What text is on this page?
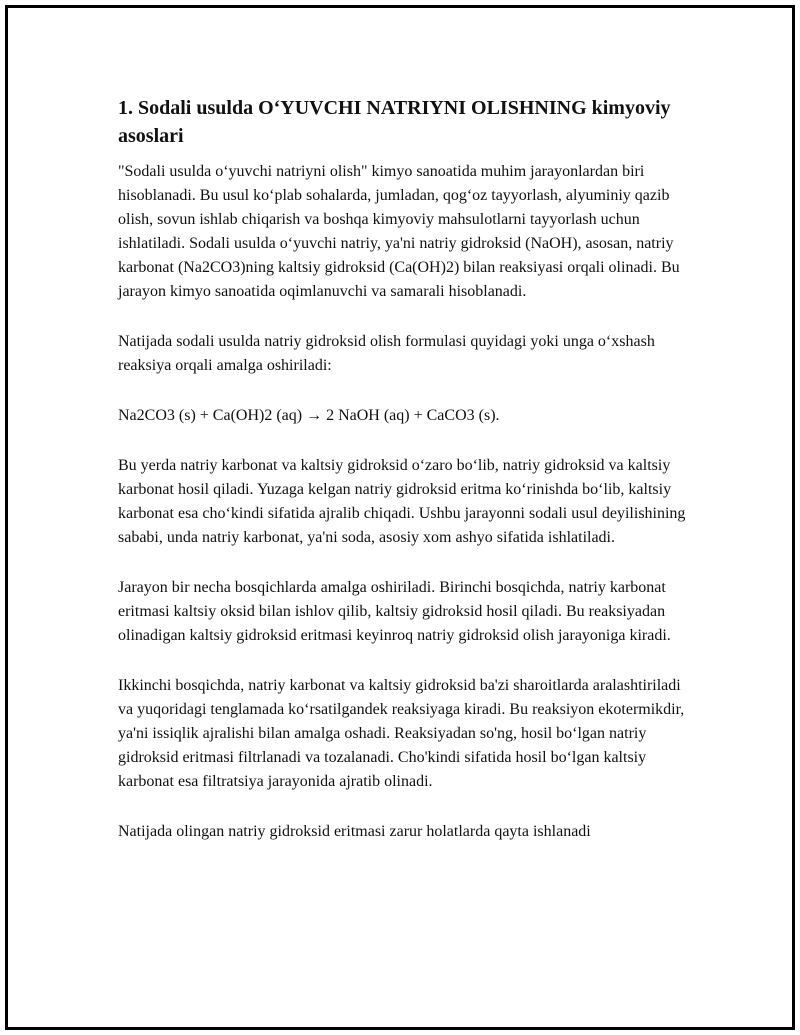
1. Sodali usulda O‘YUVCHI NATRIYNI OLISHNING kimyoviy asoslari

"Sodali usulda o‘yuvchi natriyni olish" kimyo sanoatida muhim jarayonlardan biri hisoblanadi. Bu usul ko‘plab sohalarda, jumladan, qog‘oz tayyorlash, alyuminiy qazib olish, sovun ishlab chiqarish va boshqa kimyoviy mahsulotlarni tayyorlash uchun ishlatiladi. Sodali usulda o‘yuvchi natriy, ya'ni natriy gidroksid (NaOH), asosan, natriy karbonat (Na2CO3)ning kaltsiy gidroksid (Ca(OH)2) bilan reaksiyasi orqali olinadi. Bu jarayon kimyo sanoatida oqimlanuvchi va samarali hisoblanadi.

Natijada sodali usulda natriy gidroksid olish formulasi quyidagi yoki unga o‘xshash reaksiya orqali amalga oshiriladi:

Na2CO3 (s) + Ca(OH)2 (aq) → 2 NaOH (aq) + CaCO3 (s).

Bu yerda natriy karbonat va kaltsiy gidroksid o‘zaro bo‘lib, natriy gidroksid va kaltsiy karbonat hosil qiladi. Yuzaga kelgan natriy gidroksid eritma ko‘rinishda bo‘lib, kaltsiy karbonat esa cho‘kindi sifatida ajralib chiqadi. Ushbu jarayonni sodali usul deyilishining sababi, unda natriy karbonat, ya'ni soda, asosiy xom ashyo sifatida ishlatiladi.

Jarayon bir necha bosqichlarda amalga oshiriladi. Birinchi bosqichda, natriy karbonat eritmasi kaltsiy oksid bilan ishlov qilib, kaltsiy gidroksid hosil qiladi. Bu reaksiyadan olinadigan kaltsiy gidroksid eritmasi keyinroq natriy gidroksid olish jarayoniga kiradi.

Ikkinchi bosqichda, natriy karbonat va kaltsiy gidroksid ba'zi sharoitlarda aralashtiriladi va yuqoridagi tenglamada ko‘rsatilgandek reaksiyaga kiradi. Bu reaksiyon ekotermikdir, ya'ni issiqlik ajralishi bilan amalga oshadi. Reaksiyadan so'ng, hosil bo‘lgan natriy gidroksid eritmasi filtrlanadi va tozalanadi. Cho'kindi sifatida hosil bo‘lgan kaltsiy karbonat esa filtratsiya jarayonida ajratib olinadi.

Natijada olingan natriy gidroksid eritmasi zarur holatlarda qayta ishlanadi
